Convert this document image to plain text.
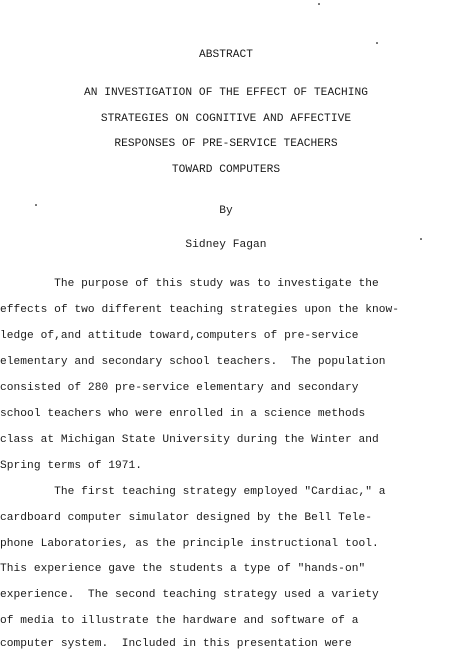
ABSTRACT
AN INVESTIGATION OF THE EFFECT OF TEACHING
STRATEGIES ON COGNITIVE AND AFFECTIVE
RESPONSES OF PRE-SERVICE TEACHERS
TOWARD COMPUTERS
By
Sidney Fagan
The purpose of this study was to investigate the
effects of two different teaching strategies upon the know-
ledge of,and attitude toward,computers of pre-service
elementary and secondary school teachers.  The population
consisted of 280 pre-service elementary and secondary
school teachers who were enrolled in a science methods
class at Michigan State University during the Winter and
Spring terms of 1971.
The first teaching strategy employed "Cardiac," a
cardboard computer simulator designed by the Bell Tele-
phone Laboratories, as the principle instructional tool.
This experience gave the students a type of "hands-on"
experience.  The second teaching strategy used a variety
of media to illustrate the hardware and software of a
computer system.  Included in this presentation were
